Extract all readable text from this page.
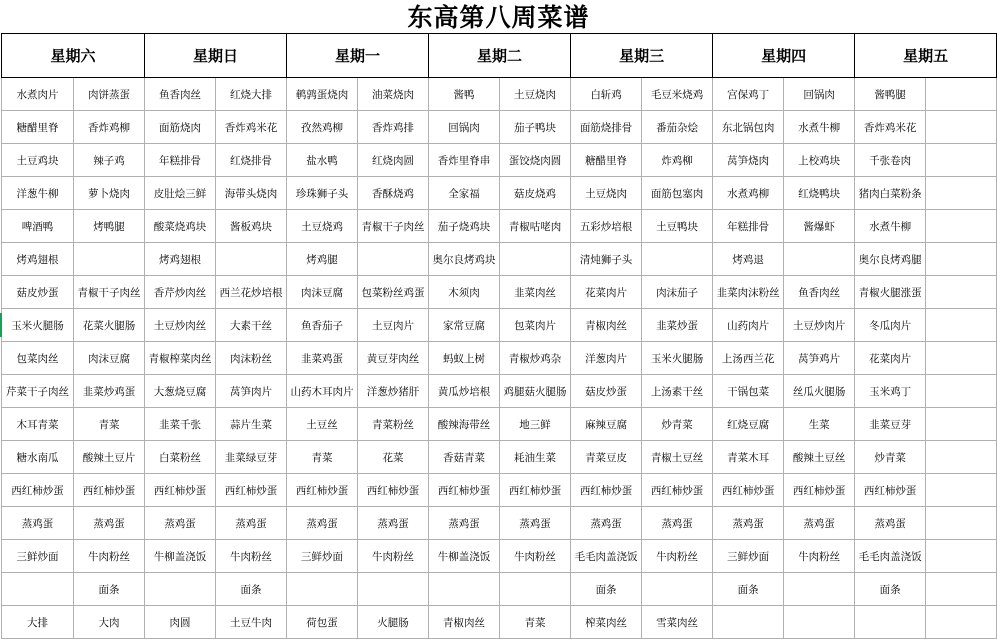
东高第八周菜谱
星期六		星期日		星期一		星期二		星期三		星期四		星期五	
水煮肉片	肉饼蒸蛋	鱼香肉丝	红烧大排	鹌鹑蛋烧肉	油菜烧肉	酱鸭	土豆烧肉	白斩鸡	毛豆米烧鸡	宫保鸡丁	回锅肉	酱鸭腿	
糖醋里脊	香炸鸡柳	面筋烧肉	香炸鸡米花	孜然鸡柳	香炸鸡排	回锅肉	茄子鸭块	面筋烧排骨	番茄杂烩	东北锅包肉	水煮牛柳	香炸鸡米花	
土豆鸡块	辣子鸡	年糕排骨	红烧排骨	盐水鸭	红烧肉圆	香炸里脊串	蛋饺烧肉圆	糖醋里脊	炸鸡柳	莴笋烧肉	上校鸡块	千张卷肉	
洋葱牛柳	萝卜烧肉	皮肚烩三鲜	海带头烧肉	珍珠狮子头	香酥烧鸡	全家福	菇皮烧鸡	土豆烧肉	面筋包塞肉	水煮鸡柳	红烧鸭块	猪肉白菜粉条	
啤酒鸭	烤鸭腿	酸菜烧鸡块	酱板鸡块	土豆烧鸡	青椒干子肉丝	茄子烧鸡块	青椒咕咾肉	五彩炒培根	土豆鸭块	年糕排骨	酱爆虾	水煮牛柳	
烤鸡翅根		烤鸡翅根		烤鸡腿		奥尔良烤鸡块		清炖狮子头		烤鸡退		奥尔良烤鸡腿	
菇皮炒蛋	青椒干子肉丝	香芹炒肉丝	西兰花炒培根	肉沫豆腐	包菜粉丝鸡蛋	木须肉	韭菜肉丝	花菜肉片	肉沫茄子	韭菜肉沫粉丝	鱼香肉丝	青椒火腿涨蛋	
玉米火腿肠	花菜火腿肠	土豆炒肉丝	大素干丝	鱼香茄子	土豆肉片	家常豆腐	包菜肉片	青椒肉丝	韭菜炒蛋	山药肉片	土豆炒肉片	冬瓜肉片	
包菜肉丝	肉沫豆腐	青椒榨菜肉丝	肉沫粉丝	韭菜鸡蛋	黄豆芽肉丝	蚂蚁上树	青椒炒鸡杂	洋葱肉片	玉米火腿肠	上汤西兰花	莴笋鸡片	花菜肉片	
芹菜干子肉丝	韭菜炒鸡蛋	大葱烧豆腐	莴笋肉片	山药木耳肉片	洋葱炒猪肝	黄瓜炒培根	鸡腿菇火腿肠	菇皮炒蛋	上汤素干丝	干锅包菜	丝瓜火腿肠	玉米鸡丁	
木耳青菜	青菜	韭菜千张	蒜片生菜	土豆丝	青菜粉丝	酸辣海带丝	地三鲜	麻辣豆腐	炒青菜	红烧豆腐	生菜	韭菜豆芽	
糖水南瓜	酸辣土豆片	白菜粉丝	韭菜绿豆芽	青菜	花菜	香菇青菜	耗油生菜	青菜豆皮	青椒土豆丝	青菜木耳	酸辣土豆丝	炒青菜	
西红柿炒蛋	西红柿炒蛋	西红柿炒蛋	西红柿炒蛋	西红柿炒蛋	西红柿炒蛋	西红柿炒蛋	西红柿炒蛋	西红柿炒蛋	西红柿炒蛋	西红柿炒蛋	西红柿炒蛋	西红柿炒蛋	
蒸鸡蛋	蒸鸡蛋	蒸鸡蛋	蒸鸡蛋	蒸鸡蛋	蒸鸡蛋	蒸鸡蛋	蒸鸡蛋	蒸鸡蛋	蒸鸡蛋	蒸鸡蛋	蒸鸡蛋	蒸鸡蛋	
三鲜炒面	牛肉粉丝	牛柳盖浇饭	牛肉粉丝	三鲜炒面	牛肉粉丝	牛柳盖浇饭	牛肉粉丝	毛毛肉盖浇饭	牛肉粉丝	三鲜炒面	牛肉粉丝	毛毛肉盖浇饭	
	面条		面条					面条		面条		面条	
大排	大肉	肉圆	土豆牛肉	荷包蛋	火腿肠	青椒肉丝	青菜	榨菜肉丝	雪菜肉丝				
